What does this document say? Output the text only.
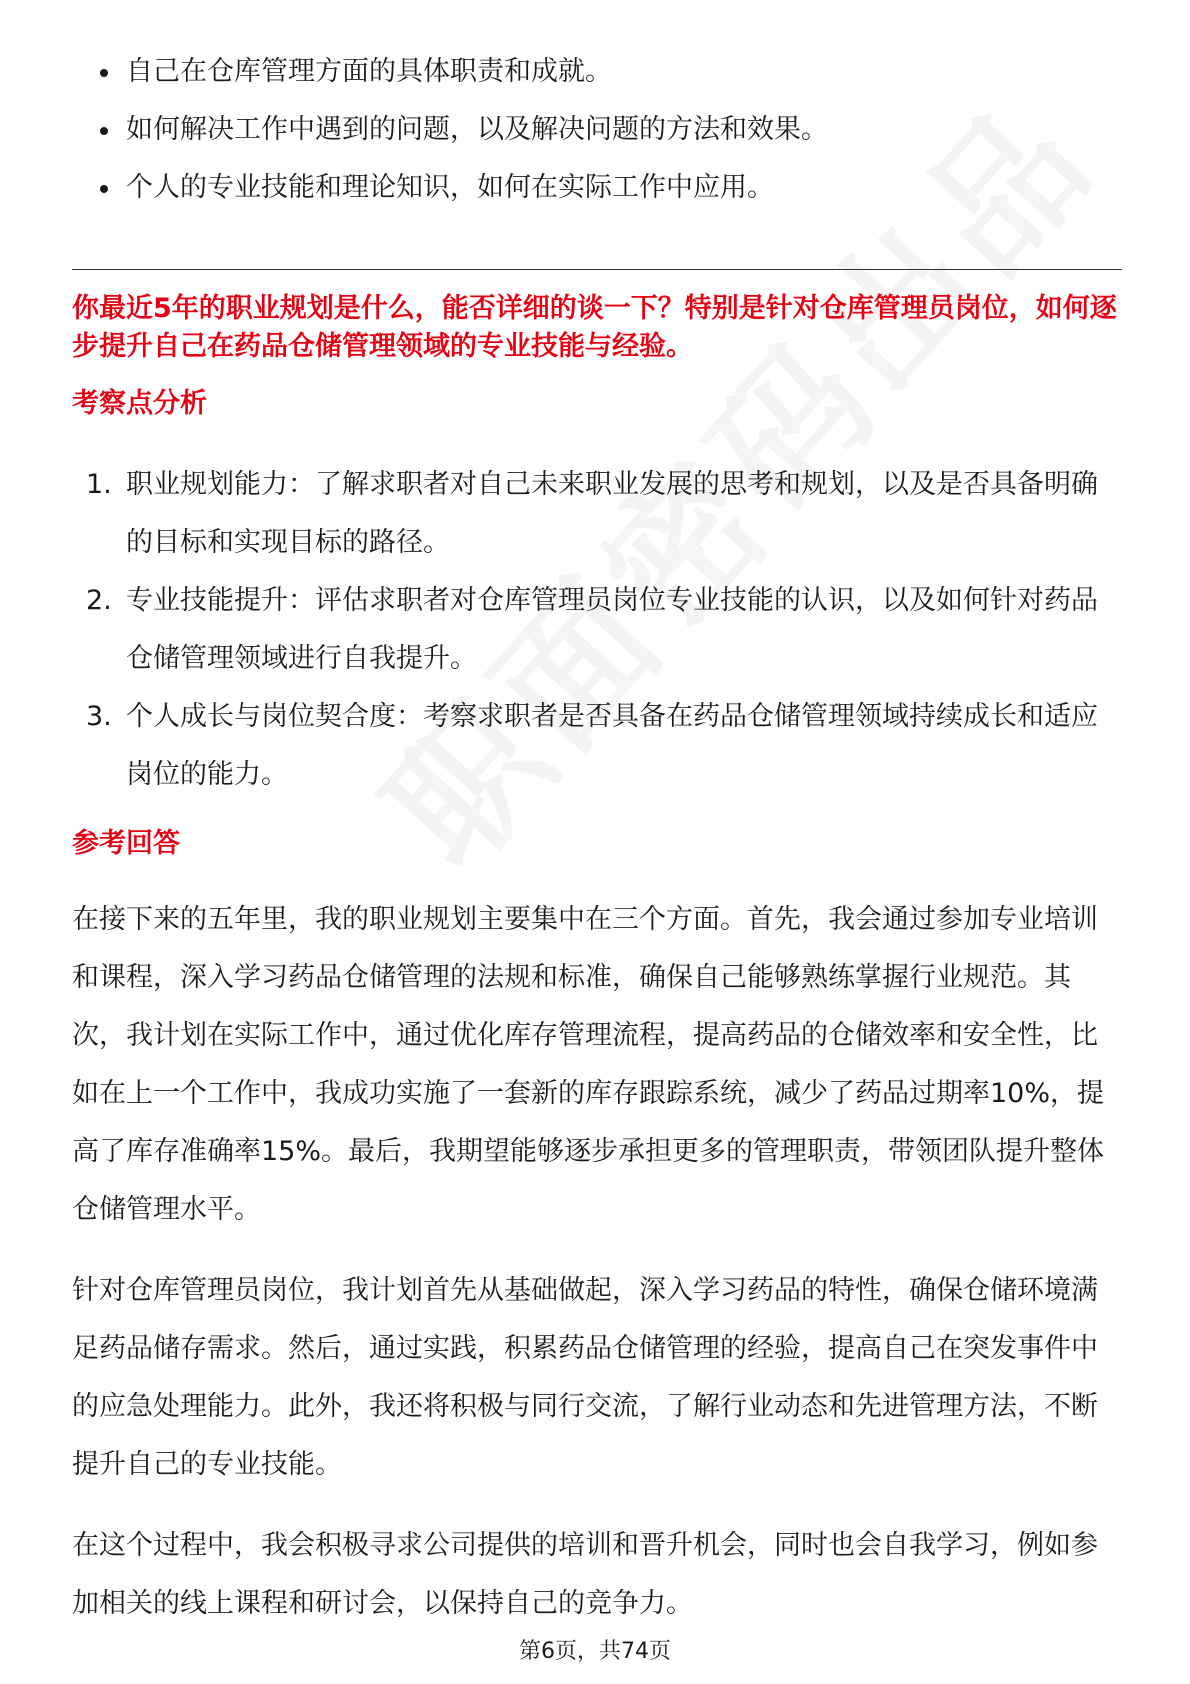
自己在仓库管理方面的具体职责和成就。
如何解决工作中遇到的问题，以及解决问题的方法和效果。
个人的专业技能和理论知识，如何在实际工作中应用。
你最近5年的职业规划是什么，能否详细的谈一下？特别是针对仓库管理员岗位，如何逐步提升自己在药品仓储管理领域的专业技能与经验。
考察点分析
1. 职业规划能力：了解求职者对自己未来职业发展的思考和规划，以及是否具备明确的目标和实现目标的路径。
2. 专业技能提升：评估求职者对仓库管理员岗位专业技能的认识，以及如何针对药品仓储管理领域进行自我提升。
3. 个人成长与岗位契合度：考察求职者是否具备在药品仓储管理领域持续成长和适应岗位的能力。
参考回答

在接下来的五年里，我的职业规划主要集中在三个方面。首先，我会通过参加专业培训和课程，深入学习药品仓储管理的法规和标准，确保自己能够熟练掌握行业规范。其次，我计划在实际工作中，通过优化库存管理流程，提高药品的仓储效率和安全性，比如在上一个工作中，我成功实施了一套新的库存跟踪系统，减少了药品过期率10%，提高了库存准确率15%。最后，我期望能够逐步承担更多的管理职责，带领团队提升整体仓储管理水平。

针对仓库管理员岗位，我计划首先从基础做起，深入学习药品的特性，确保仓储环境满足药品储存需求。然后，通过实践，积累药品仓储管理的经验，提高自己在突发事件中的应急处理能力。此外，我还将积极与同行交流，了解行业动态和先进管理方法，不断提升自己的专业技能。

在这个过程中，我会积极寻求公司提供的培训和晋升机会，同时也会自我学习，例如参加相关的线上课程和研讨会，以保持自己的竞争力。

第6页，共74页
